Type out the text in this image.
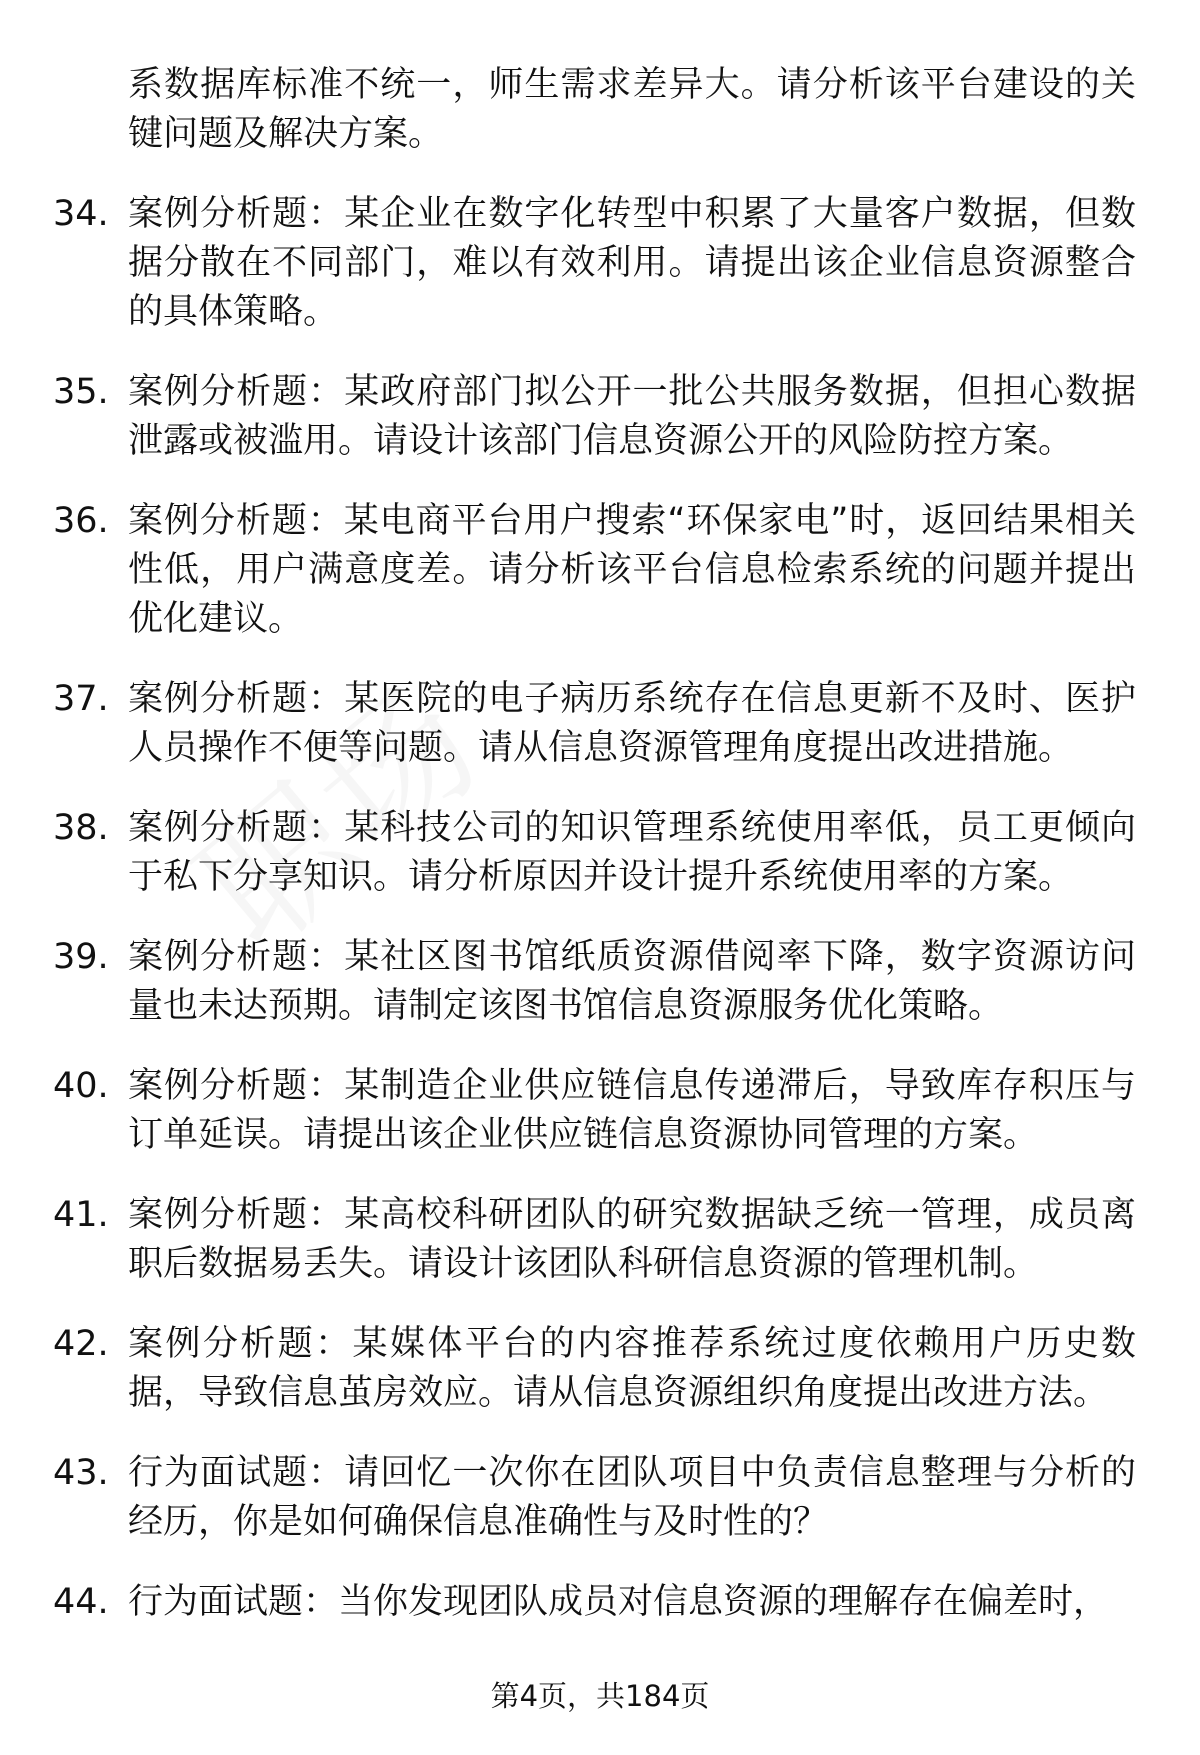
系数据库标准不统一，师生需求差异大。请分析该平台建设的关键问题及解决方案。
34. 案例分析题：某企业在数字化转型中积累了大量客户数据，但数据分散在不同部门，难以有效利用。请提出该企业信息资源整合的具体策略。
35. 案例分析题：某政府部门拟公开一批公共服务数据，但担心数据泄露或被滥用。请设计该部门信息资源公开的风险防控方案。
36. 案例分析题：某电商平台用户搜索“环保家电”时，返回结果相关性低，用户满意度差。请分析该平台信息检索系统的问题并提出优化建议。
37. 案例分析题：某医院的电子病历系统存在信息更新不及时、医护人员操作不便等问题。请从信息资源管理角度提出改进措施。
38. 案例分析题：某科技公司的知识管理系统使用率低，员工更倾向于私下分享知识。请分析原因并设计提升系统使用率的方案。
39. 案例分析题：某社区图书馆纸质资源借阅率下降，数字资源访问量也未达预期。请制定该图书馆信息资源服务优化策略。
40. 案例分析题：某制造企业供应链信息传递滞后，导致库存积压与订单延误。请提出该企业供应链信息资源协同管理的方案。
41. 案例分析题：某高校科研团队的研究数据缺乏统一管理，成员离职后数据易丢失。请设计该团队科研信息资源的管理机制。
42. 案例分析题：某媒体平台的内容推荐系统过度依赖用户历史数据，导致信息茧房效应。请从信息资源组织角度提出改进方法。
43. 行为面试题：请回忆一次你在团队项目中负责信息整理与分析的经历，你是如何确保信息准确性与及时性的？
44. 行为面试题：当你发现团队成员对信息资源的理解存在偏差时，
第4页，共184页
